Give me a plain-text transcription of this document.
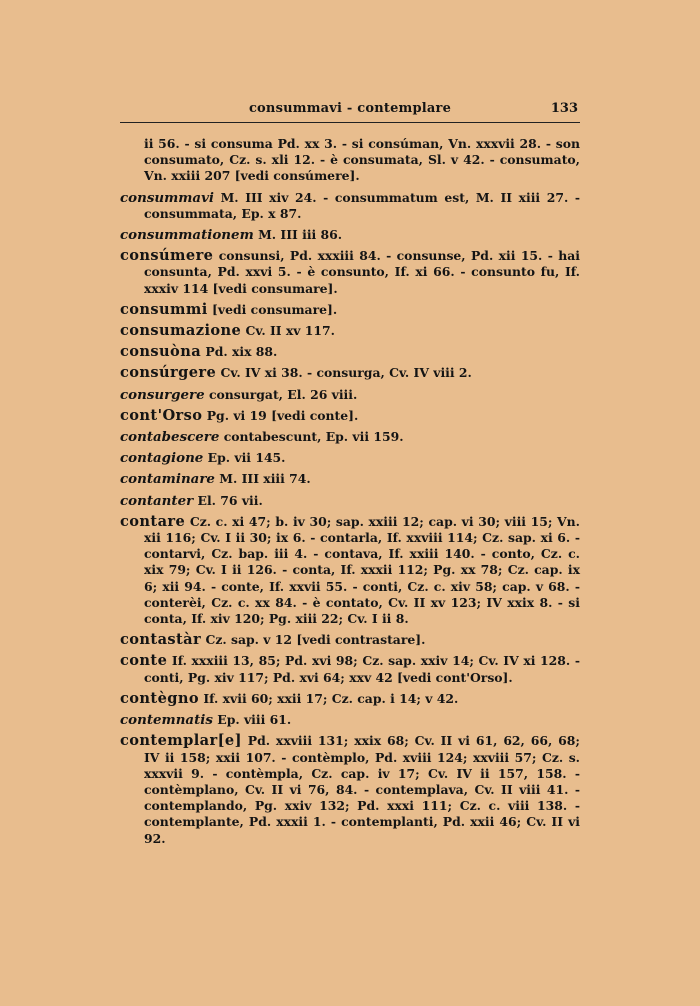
consummavi - contemplare	133

ii 56. - si consuma Pd. xx 3. - si consúman, Vn. xxxvii 28. - son consumato, Cz. s. xli 12. - è consumata, Sl. v 42. - consumato, Vn. xxiii 207 [vedi consúmere].

consummavi M. III xiv 24. - consummatum est, M. II xiii 27. - consummata, Ep. x 87.

consummationem M. III iii 86.

consúmere consunsi, Pd. xxxiii 84. - consunse, Pd. xii 15. - hai consunta, Pd. xxvi 5. - è consunto, If. xi 66. - consunto fu, If. xxxiv 114 [vedi consumare].

consummi [vedi consumare].

consumazione Cv. II xv 117.

consuòna Pd. xix 88.

consúrgere Cv. IV xi 38. - consurga, Cv. IV viii 2.

consurgere consurgat, El. 26 viii.

cont'Orso Pg. vi 19 [vedi conte].

contabescere contabescunt, Ep. vii 159.

contagione Ep. vii 145.

contaminare M. III xiii 74.

contanter El. 76 vii.

contare Cz. c. xi 47; b. iv 30; sap. xxiii 12; cap. vi 30; viii 15; Vn. xii 116; Cv. I ii 30; ix 6. - contarla, If. xxviii 114; Cz. sap. xi 6. - contarvi, Cz. bap. iii 4. - contava, If. xxiii 140. - conto, Cz. c. xix 79; Cv. I ii 126. - conta, If. xxxii 112; Pg. xx 78; Cz. cap. ix 6; xii 94. - conte, If. xxvii 55. - conti, Cz. c. xiv 58; cap. v 68. - conterèi, Cz. c. xx 84. - è contato, Cv. II xv 123; IV xxix 8. - si conta, If. xiv 120; Pg. xiii 22; Cv. I ii 8.

contastàr Cz. sap. v 12 [vedi contrastare].

conte If. xxxiii 13, 85; Pd. xvi 98; Cz. sap. xxiv 14; Cv. IV xi 128. - conti, Pg. xiv 117; Pd. xvi 64; xxv 42 [vedi cont'Orso].

contègno If. xvii 60; xxii 17; Cz. cap. i 14; v 42.

contemnatis Ep. viii 61.

contemplar[e] Pd. xxviii 131; xxix 68; Cv. II vi 61, 62, 66, 68; IV ii 158; xxii 107. - contèmplo, Pd. xviii 124; xxviii 57; Cz. s. xxxvii 9. - contèmpla, Cz. cap. iv 17; Cv. IV ii 157, 158. - contèmplano, Cv. II vi 76, 84. - contemplava, Cv. II viii 41. - contemplando, Pg. xxiv 132; Pd. xxxi 111; Cz. c. viii 138. - contemplante, Pd. xxxii 1. - contemplanti, Pd. xxii 46; Cv. II vi 92.
